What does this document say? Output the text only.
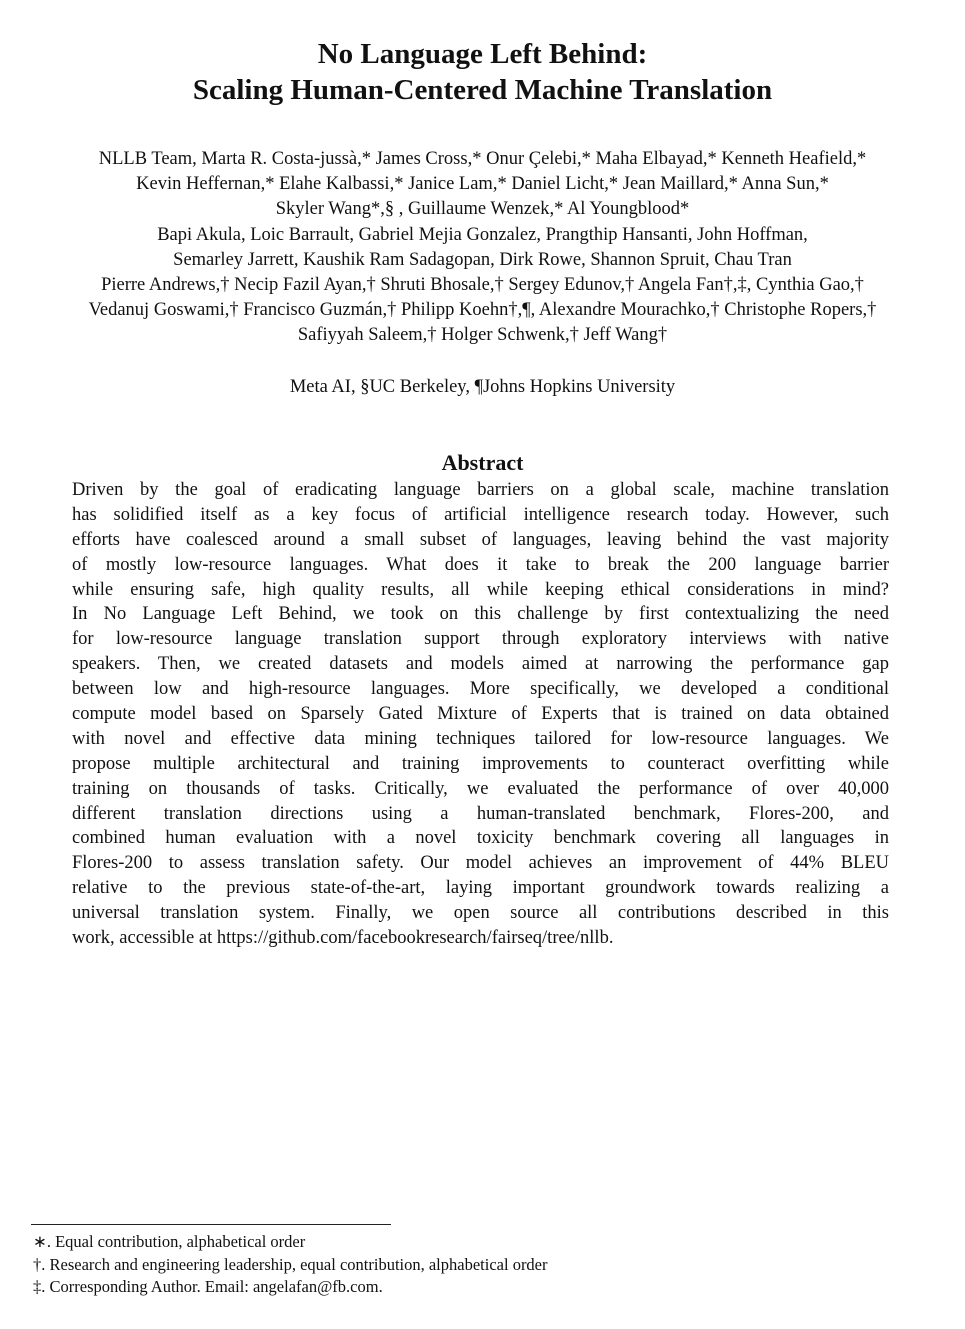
No Language Left Behind:
Scaling Human-Centered Machine Translation
NLLB Team, Marta R. Costa-jussà,* James Cross,* Onur Çelebi,* Maha Elbayad,* Kenneth Heafield,*
Kevin Heffernan,* Elahe Kalbassi,* Janice Lam,* Daniel Licht,* Jean Maillard,* Anna Sun,*
Skyler Wang*,§ , Guillaume Wenzek,* Al Youngblood*
Bapi Akula, Loic Barrault, Gabriel Mejia Gonzalez, Prangthip Hansanti, John Hoffman,
Semarley Jarrett, Kaushik Ram Sadagopan, Dirk Rowe, Shannon Spruit, Chau Tran
Pierre Andrews,† Necip Fazil Ayan,† Shruti Bhosale,† Sergey Edunov,† Angela Fan†,‡, Cynthia Gao,†
Vedanuj Goswami,† Francisco Guzmán,† Philipp Koehn†,¶, Alexandre Mourachko,† Christophe Ropers,†
Safiyyah Saleem,† Holger Schwenk,† Jeff Wang†
Meta AI, §UC Berkeley, ¶Johns Hopkins University
Abstract
Driven by the goal of eradicating language barriers on a global scale, machine translation
has solidified itself as a key focus of artificial intelligence research today. However, such
efforts have coalesced around a small subset of languages, leaving behind the vast majority
of mostly low-resource languages. What does it take to break the 200 language barrier
while ensuring safe, high quality results, all while keeping ethical considerations in mind?
In No Language Left Behind, we took on this challenge by first contextualizing the need
for low-resource language translation support through exploratory interviews with native
speakers. Then, we created datasets and models aimed at narrowing the performance gap
between low and high-resource languages. More specifically, we developed a conditional
compute model based on Sparsely Gated Mixture of Experts that is trained on data obtained
with novel and effective data mining techniques tailored for low-resource languages. We
propose multiple architectural and training improvements to counteract overfitting while
training on thousands of tasks. Critically, we evaluated the performance of over 40,000
different translation directions using a human-translated benchmark, Flores-200, and
combined human evaluation with a novel toxicity benchmark covering all languages in
Flores-200 to assess translation safety. Our model achieves an improvement of 44% BLEU
relative to the previous state-of-the-art, laying important groundwork towards realizing a
universal translation system. Finally, we open source all contributions described in this
work, accessible at https://github.com/facebookresearch/fairseq/tree/nllb.
∗. Equal contribution, alphabetical order
†. Research and engineering leadership, equal contribution, alphabetical order
‡. Corresponding Author. Email: angelafan@fb.com.
